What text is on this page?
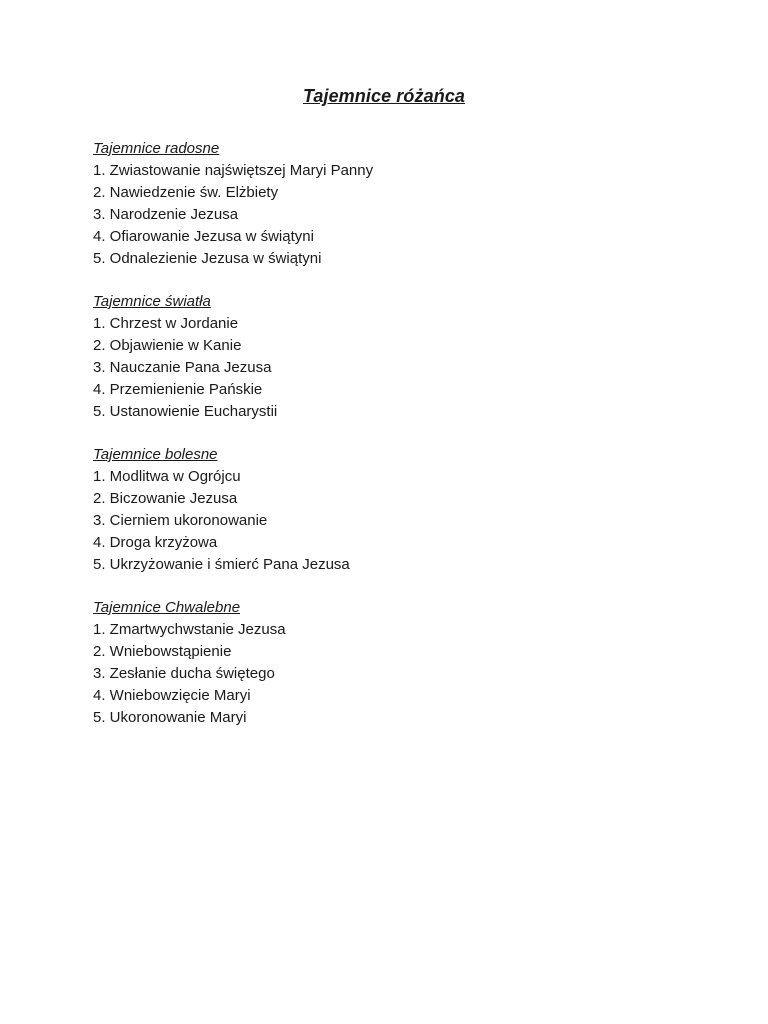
Tajemnice różańca
Tajemnice radosne
1. Zwiastowanie najświętszej Maryi Panny
2. Nawiedzenie św. Elżbiety
3. Narodzenie Jezusa
4. Ofiarowanie Jezusa w świątyni
5. Odnalezienie Jezusa w świątyni
Tajemnice światła
1. Chrzest w Jordanie
2. Objawienie w Kanie
3. Nauczanie Pana Jezusa
4. Przemienienie Pańskie
5. Ustanowienie Eucharystii
Tajemnice bolesne
1. Modlitwa w Ogrójcu
2. Biczowanie Jezusa
3. Cierniem ukoronowanie
4. Droga krzyżowa
5. Ukrzyżowanie i śmierć Pana Jezusa
Tajemnice Chwalebne
1. Zmartwychwstanie Jezusa
2. Wniebowstąpienie
3. Zesłanie ducha świętego
4. Wniebowzięcie Maryi
5. Ukoronowanie Maryi
